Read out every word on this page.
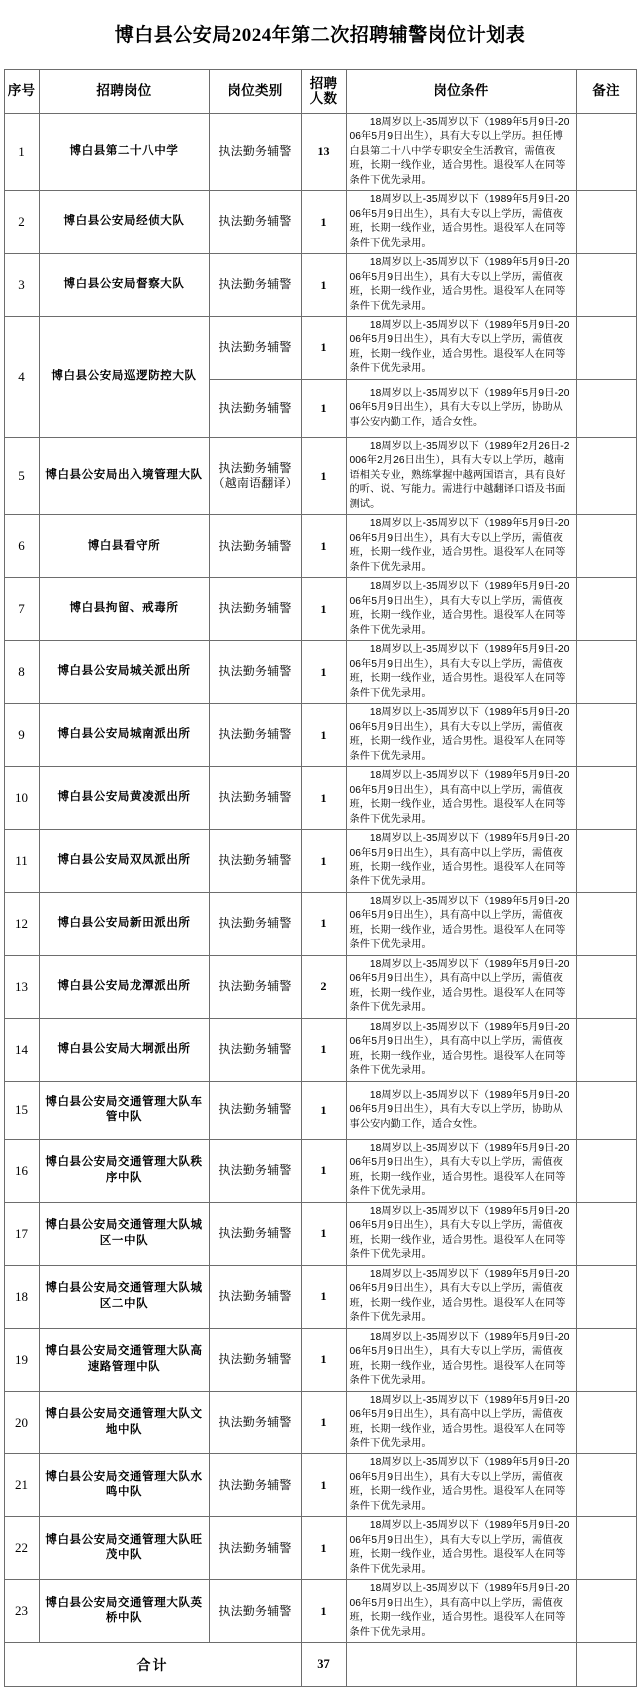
博白县公安局2024年第二次招聘辅警岗位计划表
序号	招聘岗位	岗位类别	招聘人数	岗位条件	备注
1	博白县第二十八中学	执法勤务辅警	13	18周岁以上-35周岁以下（1989年5月9日-2006年5月9日出生），具有大专以上学历。担任博白县第二十八中学专职安全生活教官，需值夜班，长期一线作业，适合男性。退役军人在同等条件下优先录用。	
2	博白县公安局经侦大队	执法勤务辅警	1	18周岁以上-35周岁以下（1989年5月9日-2006年5月9日出生），具有大专以上学历，需值夜班，长期一线作业，适合男性。退役军人在同等条件下优先录用。	
3	博白县公安局督察大队	执法勤务辅警	1	18周岁以上-35周岁以下（1989年5月9日-2006年5月9日出生），具有大专以上学历，需值夜班，长期一线作业，适合男性。退役军人在同等条件下优先录用。	
4	博白县公安局巡逻防控大队	执法勤务辅警	1	18周岁以上-35周岁以下（1989年5月9日-2006年5月9日出生），具有大专以上学历，需值夜班，长期一线作业，适合男性。退役军人在同等条件下优先录用。	
		执法勤务辅警	1	18周岁以上-35周岁以下（1989年5月9日-2006年5月9日出生），具有大专以上学历，协助从事公安内勤工作，适合女性。	
5	博白县公安局出入境管理大队	执法勤务辅警（越南语翻译）	1	18周岁以上-35周岁以下（1989年2月26日-2006年2月26日出生），具有大专以上学历，越南语相关专业，熟练掌握中越两国语言，具有良好的听、说、写能力。需进行中越翻译口语及书面测试。	
6	博白县看守所	执法勤务辅警	1	18周岁以上-35周岁以下（1989年5月9日-2006年5月9日出生），具有大专以上学历，需值夜班，长期一线作业，适合男性。退役军人在同等条件下优先录用。	
7	博白县拘留、戒毒所	执法勤务辅警	1	18周岁以上-35周岁以下（1989年5月9日-2006年5月9日出生），具有大专以上学历，需值夜班，长期一线作业，适合男性。退役军人在同等条件下优先录用。	
8	博白县公安局城关派出所	执法勤务辅警	1	18周岁以上-35周岁以下（1989年5月9日-2006年5月9日出生），具有大专以上学历，需值夜班，长期一线作业，适合男性。退役军人在同等条件下优先录用。	
9	博白县公安局城南派出所	执法勤务辅警	1	18周岁以上-35周岁以下（1989年5月9日-2006年5月9日出生），具有大专以上学历，需值夜班，长期一线作业，适合男性。退役军人在同等条件下优先录用。	
10	博白县公安局黄凌派出所	执法勤务辅警	1	18周岁以上-35周岁以下（1989年5月9日-2006年5月9日出生），具有高中以上学历，需值夜班，长期一线作业，适合男性。退役军人在同等条件下优先录用。	
11	博白县公安局双凤派出所	执法勤务辅警	1	18周岁以上-35周岁以下（1989年5月9日-2006年5月9日出生），具有高中以上学历，需值夜班，长期一线作业，适合男性。退役军人在同等条件下优先录用。	
12	博白县公安局新田派出所	执法勤务辅警	1	18周岁以上-35周岁以下（1989年5月9日-2006年5月9日出生），具有高中以上学历，需值夜班，长期一线作业，适合男性。退役军人在同等条件下优先录用。	
13	博白县公安局龙潭派出所	执法勤务辅警	2	18周岁以上-35周岁以下（1989年5月9日-2006年5月9日出生），具有高中以上学历，需值夜班，长期一线作业，适合男性。退役军人在同等条件下优先录用。	
14	博白县公安局大垌派出所	执法勤务辅警	1	18周岁以上-35周岁以下（1989年5月9日-2006年5月9日出生），具有高中以上学历，需值夜班，长期一线作业，适合男性。退役军人在同等条件下优先录用。	
15	博白县公安局交通管理大队车管中队	执法勤务辅警	1	18周岁以上-35周岁以下（1989年5月9日-2006年5月9日出生），具有大专以上学历，协助从事公安内勤工作，适合女性。	
16	博白县公安局交通管理大队秩序中队	执法勤务辅警	1	18周岁以上-35周岁以下（1989年5月9日-2006年5月9日出生），具有大专以上学历，需值夜班，长期一线作业，适合男性。退役军人在同等条件下优先录用。	
17	博白县公安局交通管理大队城区一中队	执法勤务辅警	1	18周岁以上-35周岁以下（1989年5月9日-2006年5月9日出生），具有大专以上学历，需值夜班，长期一线作业，适合男性。退役军人在同等条件下优先录用。	
18	博白县公安局交通管理大队城区二中队	执法勤务辅警	1	18周岁以上-35周岁以下（1989年5月9日-2006年5月9日出生），具有大专以上学历，需值夜班，长期一线作业，适合男性。退役军人在同等条件下优先录用。	
19	博白县公安局交通管理大队高速路管理中队	执法勤务辅警	1	18周岁以上-35周岁以下（1989年5月9日-2006年5月9日出生），具有大专以上学历，需值夜班，长期一线作业，适合男性。退役军人在同等条件下优先录用。	
20	博白县公安局交通管理大队文地中队	执法勤务辅警	1	18周岁以上-35周岁以下（1989年5月9日-2006年5月9日出生），具有高中以上学历，需值夜班，长期一线作业，适合男性。退役军人在同等条件下优先录用。	
21	博白县公安局交通管理大队水鸣中队	执法勤务辅警	1	18周岁以上-35周岁以下（1989年5月9日-2006年5月9日出生），具有大专以上学历，需值夜班，长期一线作业，适合男性。退役军人在同等条件下优先录用。	
22	博白县公安局交通管理大队旺茂中队	执法勤务辅警	1	18周岁以上-35周岁以下（1989年5月9日-2006年5月9日出生），具有大专以上学历，需值夜班，长期一线作业，适合男性。退役军人在同等条件下优先录用。	
23	博白县公安局交通管理大队英桥中队	执法勤务辅警	1	18周岁以上-35周岁以下（1989年5月9日-2006年5月9日出生），具有高中以上学历，需值夜班，长期一线作业，适合男性。退役军人在同等条件下优先录用。	
合计			37		
